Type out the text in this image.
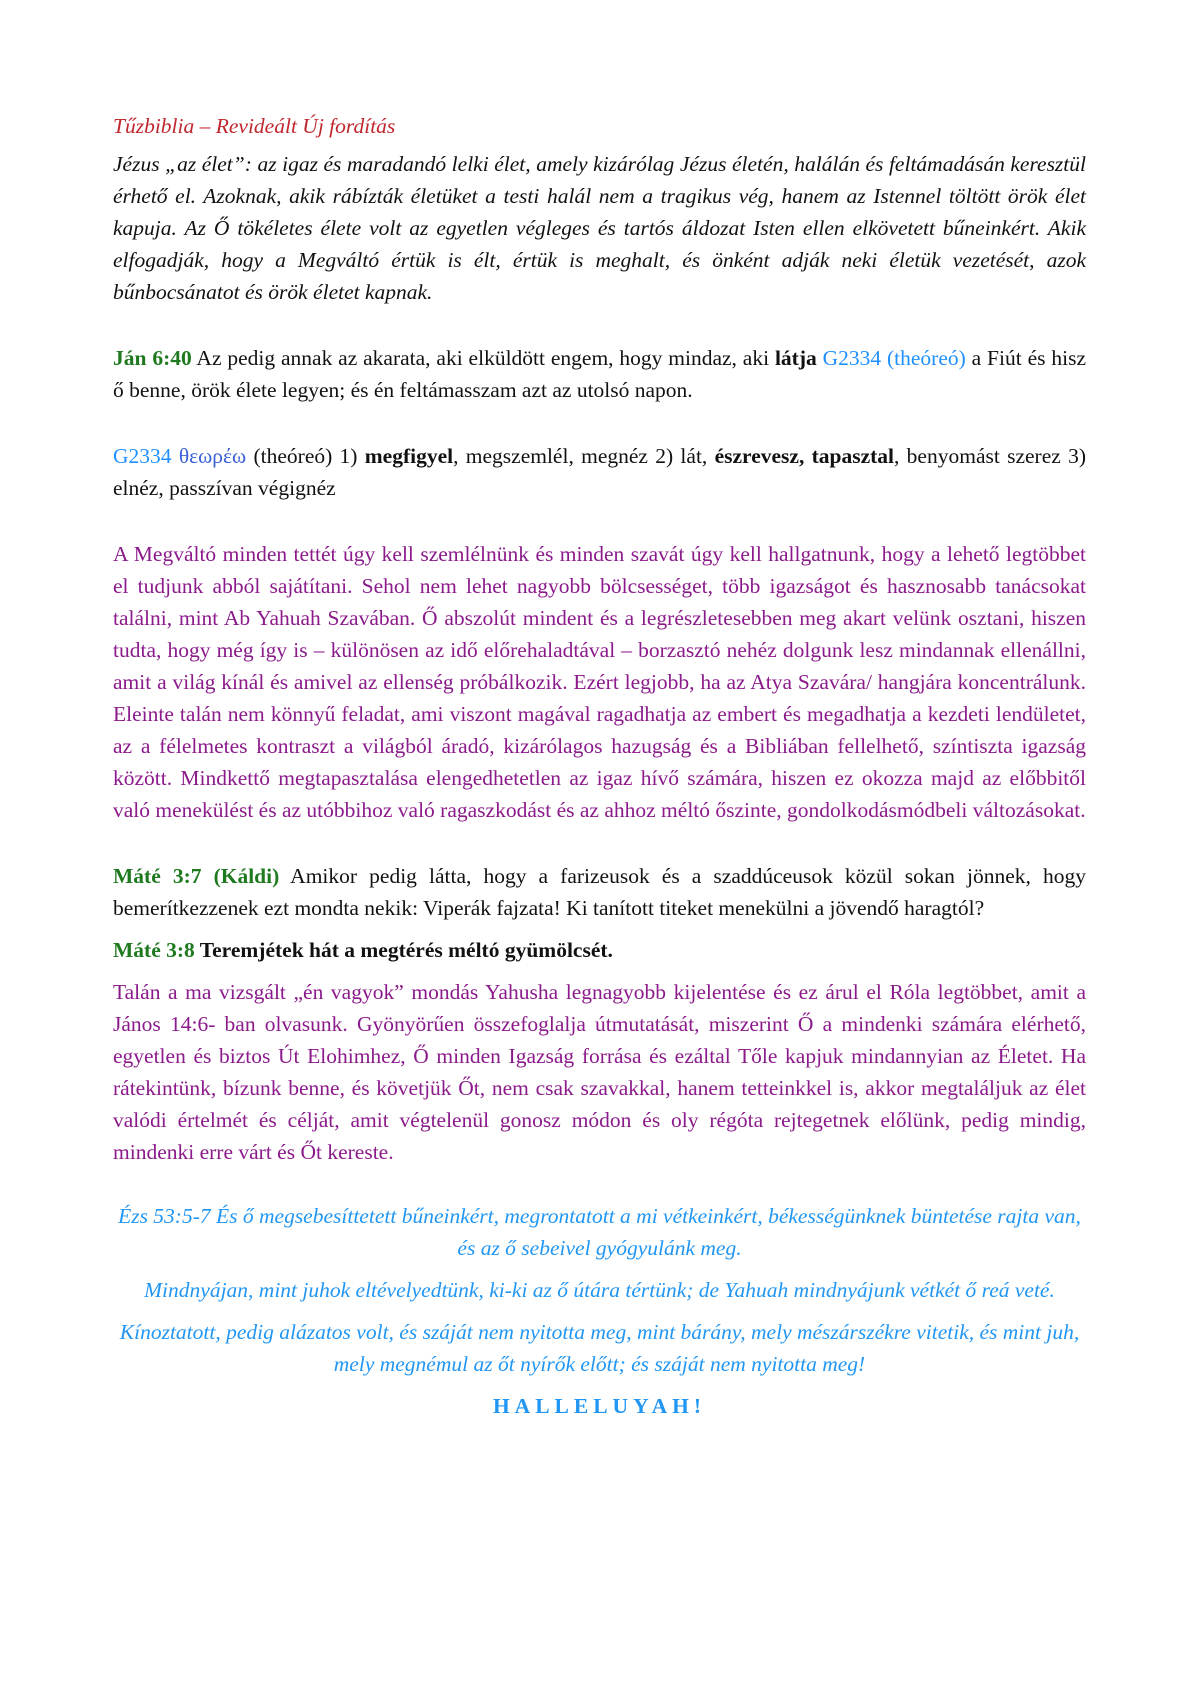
Tűzbiblia – Revideált Új fordítás

Jézus „az élet”: az igaz és maradandó lelki élet, amely kizárólag Jézus életén, halálán és feltámadásán keresztül érhető el. Azoknak, akik rábízták életüket a testi halál nem a tragikus vég, hanem az Istennel töltött örök élet kapuja. Az Ő tökéletes élete volt az egyetlen végleges és tartós áldozat Isten ellen elkövetett bűneinkért. Akik elfogadják, hogy a Megváltó értük is élt, értük is meghalt, és önként adják neki életük vezetését, azok bűnbocsánatot és örök életet kapnak.

Ján 6:40 Az pedig annak az akarata, aki elküldött engem, hogy mindaz, aki látja G2334 (theóreó) a Fiút és hisz ő benne, örök élete legyen; és én feltámasszam azt az utolsó napon.

G2334 θεωρέω (theóreó) 1) megfigyel, megszemlél, megnéz 2) lát, észrevesz, tapasztal, benyomást szerez 3) elnéz, passzívan végignéz

A Megváltó minden tettét úgy kell szemlélnünk és minden szavát úgy kell hallgatnunk, hogy a lehető legtöbbet el tudjunk abból sajátítani. Sehol nem lehet nagyobb bölcsességet, több igazságot és hasznosabb tanácsokat találni, mint Ab Yahuah Szavában. Ő abszolút mindent és a legrészletesebben meg akart velünk osztani, hiszen tudta, hogy még így is – különösen az idő előrehaladtával – borzasztó nehéz dolgunk lesz mindannak ellenállni, amit a világ kínál és amivel az ellenség próbálkozik. Ezért legjobb, ha az Atya Szavára/ hangjára koncentrálunk. Eleinte talán nem könnyű feladat, ami viszont magával ragadhatja az embert és megadhatja a kezdeti lendületet, az a félelmetes kontraszt a világból áradó, kizárólagos hazugság és a Bibliában fellelhető, színtiszta igazság között. Mindkettő megtapasztalása elengedhetetlen az igaz hívő számára, hiszen ez okozza majd az előbbitől való menekülést és az utóbbihoz való ragaszkodást és az ahhoz méltó őszinte, gondolkodásmódbeli változásokat.

Máté 3:7 (Káldi) Amikor pedig látta, hogy a farizeusok és a szaddúceusok közül sokan jönnek, hogy bemerítkezzenek ezt mondta nekik: Viperák fajzata! Ki tanított titeket menekülni a jövendő haragtól?

Máté 3:8 Teremjétek hát a megtérés méltó gyümölcsét.

Talán a ma vizsgált „én vagyok” mondás Yahusha legnagyobb kijelentése és ez árul el Róla legtöbbet, amit a János 14:6- ban olvasunk. Gyönyörűen összefoglalja útmutatását, miszerint Ő a mindenki számára elérhető, egyetlen és biztos Út Elohimhez, Ő minden Igazság forrása és ezáltal Tőle kapjuk mindannyian az Életet. Ha rátekintünk, bízunk benne, és követjük Őt, nem csak szavakkal, hanem tetteinkkel is, akkor megtaláljuk az élet valódi értelmét és célját, amit végtelenül gonosz módon és oly régóta rejtegetnek előlünk, pedig mindig, mindenki erre várt és Őt kereste.

Ézs 53:5-7 És ő megsebesíttetett bűneinkért, megrontatott a mi vétkeinkért, békességünknek büntetése rajta van, és az ő sebeivel gyógyulánk meg.

Mindnyájan, mint juhok eltévelyedtünk, ki-ki az ő útára tértünk; de Yahuah mindnyájunk vétkét ő reá veté.

Kínoztatott, pedig alázatos volt, és száját nem nyitotta meg, mint bárány, mely mészárszékre vitetik, és mint juh, mely megnémul az őt nyírők előtt; és száját nem nyitotta meg!

HALLELUYAH!
